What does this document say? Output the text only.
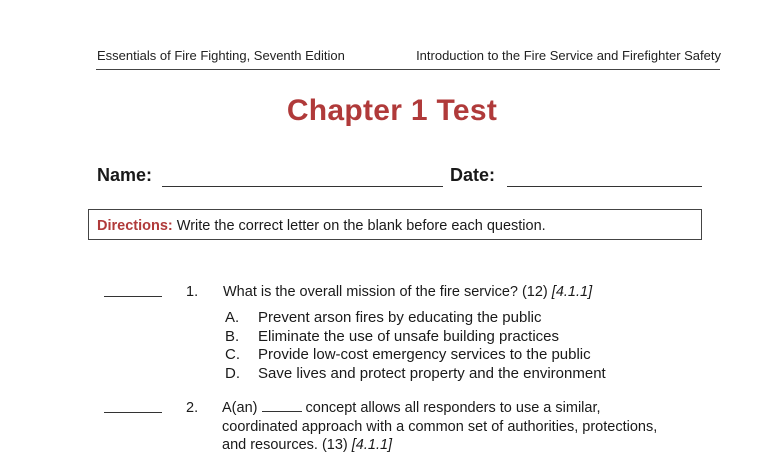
Essentials of Fire Fighting, Seventh Edition	Introduction to the Fire Service and Firefighter Safety
Chapter 1 Test
Name:	Date:
Directions: Write the correct letter on the blank before each question.
1. What is the overall mission of the fire service? (12) [4.1.1]
A. Prevent arson fires by educating the public
B. Eliminate the use of unsafe building practices
C. Provide low-cost emergency services to the public
D. Save lives and protect property and the environment
2. A(an)	concept allows all responders to use a similar,
coordinated approach with a common set of authorities, protections,
and resources. (13) [4.1.1]
